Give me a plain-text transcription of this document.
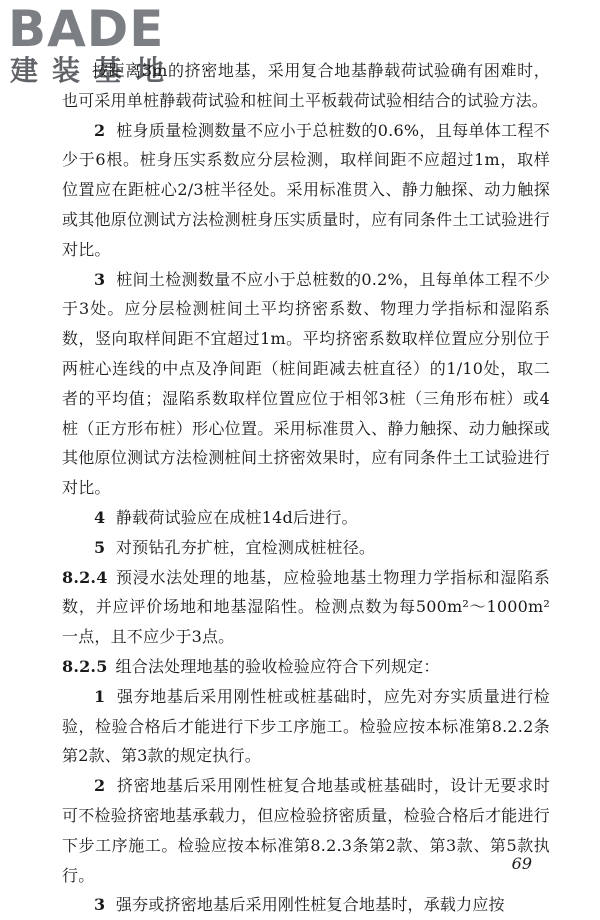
BADE
建装基地

按距离3m的挤密地基，采用复合地基静载荷试验确有困难时，也可采用单桩静载荷试验和桩间土平板载荷试验相结合的试验方法。

2 桩身质量检测数量不应小于总桩数的0.6%，且每单体工程不少于6根。桩身压实系数应分层检测，取样间距不应超过1m，取样位置应在距桩心2/3桩半径处。采用标准贯入、静力触探、动力触探或其他原位测试方法检测桩身压实质量时，应有同条件土工试验进行对比。

3 桩间土检测数量不应小于总桩数的0.2%，且每单体工程不少于3处。应分层检测桩间土平均挤密系数、物理力学指标和湿陷系数，竖向取样间距不宜超过1m。平均挤密系数取样位置应分别位于两桩心连线的中点及净间距（桩间距减去桩直径）的1/10处，取二者的平均值；湿陷系数取样位置应位于相邻3桩（三角形布桩）或4桩（正方形布桩）形心位置。采用标准贯入、静力触探、动力触探或其他原位测试方法检测桩间土挤密效果时，应有同条件土工试验进行对比。

4 静载荷试验应在成桩14d后进行。

5 对预钻孔夯扩桩，宜检测成桩桩径。

8.2.4 预浸水法处理的地基，应检验地基土物理力学指标和湿陷系数，并应评价场地和地基湿陷性。检测点数为每500m²～1000m²一点，且不应少于3点。

8.2.5 组合法处理地基的验收检验应符合下列规定：

1 强夯地基后采用刚性桩或桩基础时，应先对夯实质量进行检验，检验合格后才能进行下步工序施工。检验应按本标准第8.2.2条第2款、第3款的规定执行。

2 挤密地基后采用刚性桩复合地基或桩基础时，设计无要求时可不检验挤密地基承载力，但应检验挤密质量，检验合格后才能进行下步工序施工。检验应按本标准第8.2.3条第2款、第3款、第5款执行。

3 强夯或挤密地基后采用刚性桩复合地基时，承载力应按

69
